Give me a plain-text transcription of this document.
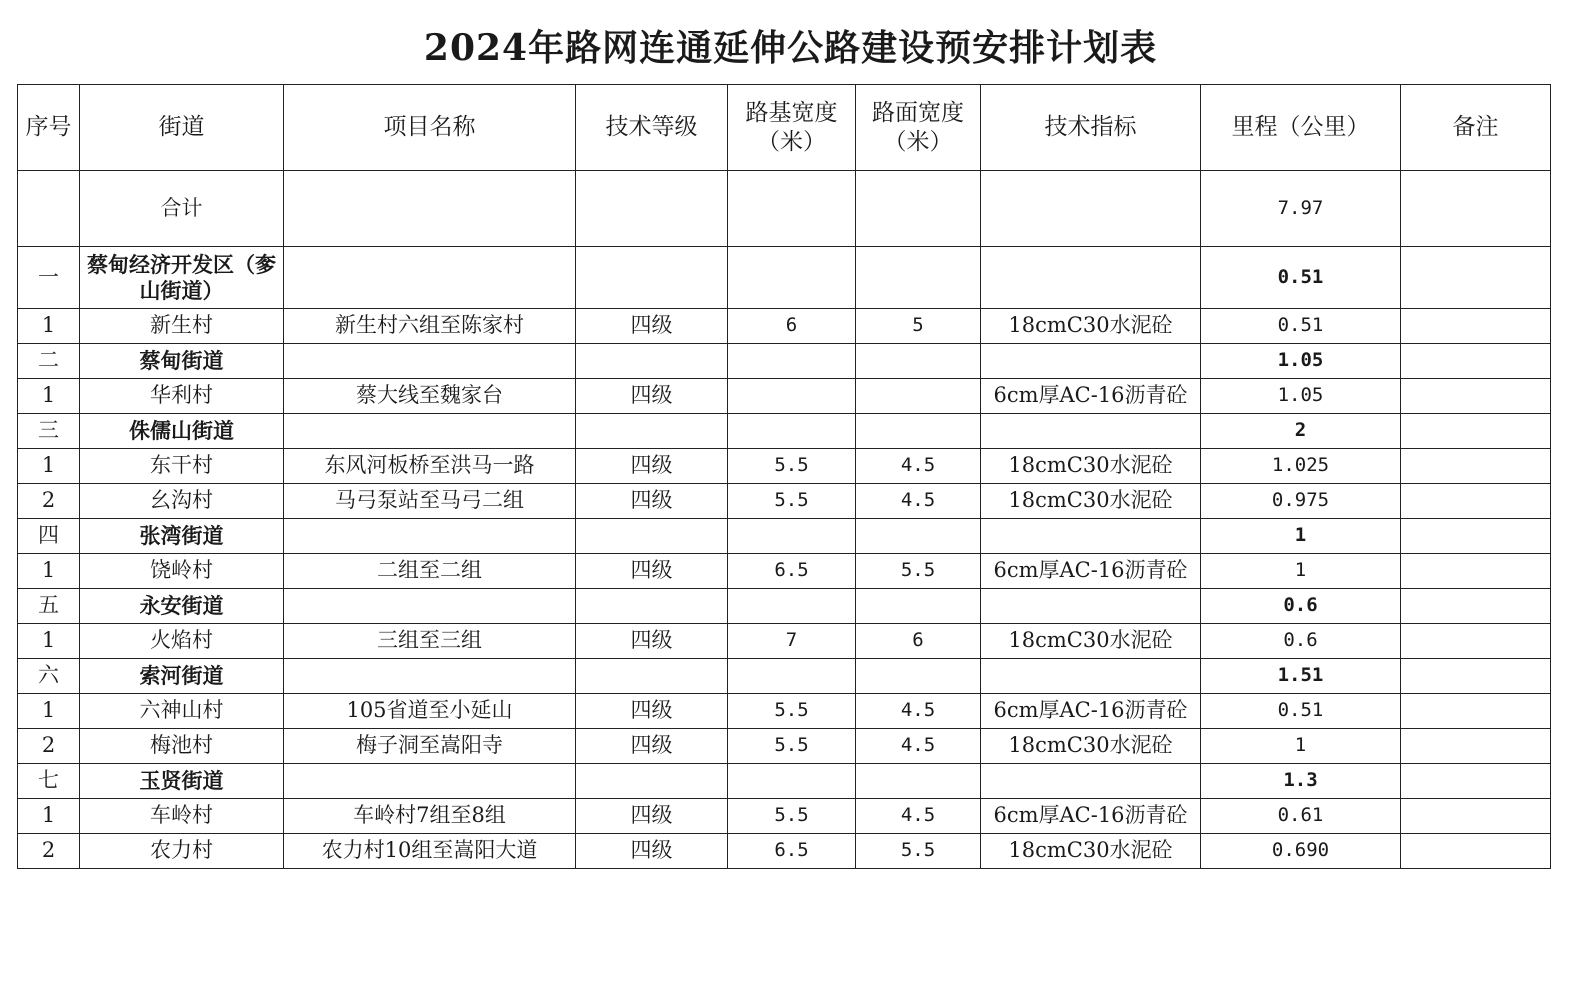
2024年路网连通延伸公路建设预安排计划表
序号	街道	项目名称	技术等级	路基宽度（米）	路面宽度（米）	技术指标	里程（公里）	备注
	合计						7.97	
一	蔡甸经济开发区（奓山街道）						0.51	
1	新生村	新生村六组至陈家村	四级	6	5	18cmC30水泥砼	0.51	
二	蔡甸街道						1.05	
1	华利村	蔡大线至魏家台	四级			6cm厚AC-16沥青砼	1.05	
三	侏儒山街道						2	
1	东干村	东风河板桥至洪马一路	四级	5.5	4.5	18cmC30水泥砼	1.025	
2	幺沟村	马弓泵站至马弓二组	四级	5.5	4.5	18cmC30水泥砼	0.975	
四	张湾街道						1	
1	饶岭村	二组至二组	四级	6.5	5.5	6cm厚AC-16沥青砼	1	
五	永安街道						0.6	
1	火焰村	三组至三组	四级	7	6	18cmC30水泥砼	0.6	
六	索河街道						1.51	
1	六神山村	105省道至小延山	四级	5.5	4.5	6cm厚AC-16沥青砼	0.51	
2	梅池村	梅子洞至嵩阳寺	四级	5.5	4.5	18cmC30水泥砼	1	
七	玉贤街道						1.3	
1	车岭村	车岭村7组至8组	四级	5.5	4.5	6cm厚AC-16沥青砼	0.61	
2	农力村	农力村10组至嵩阳大道	四级	6.5	5.5	18cmC30水泥砼	0.690	
